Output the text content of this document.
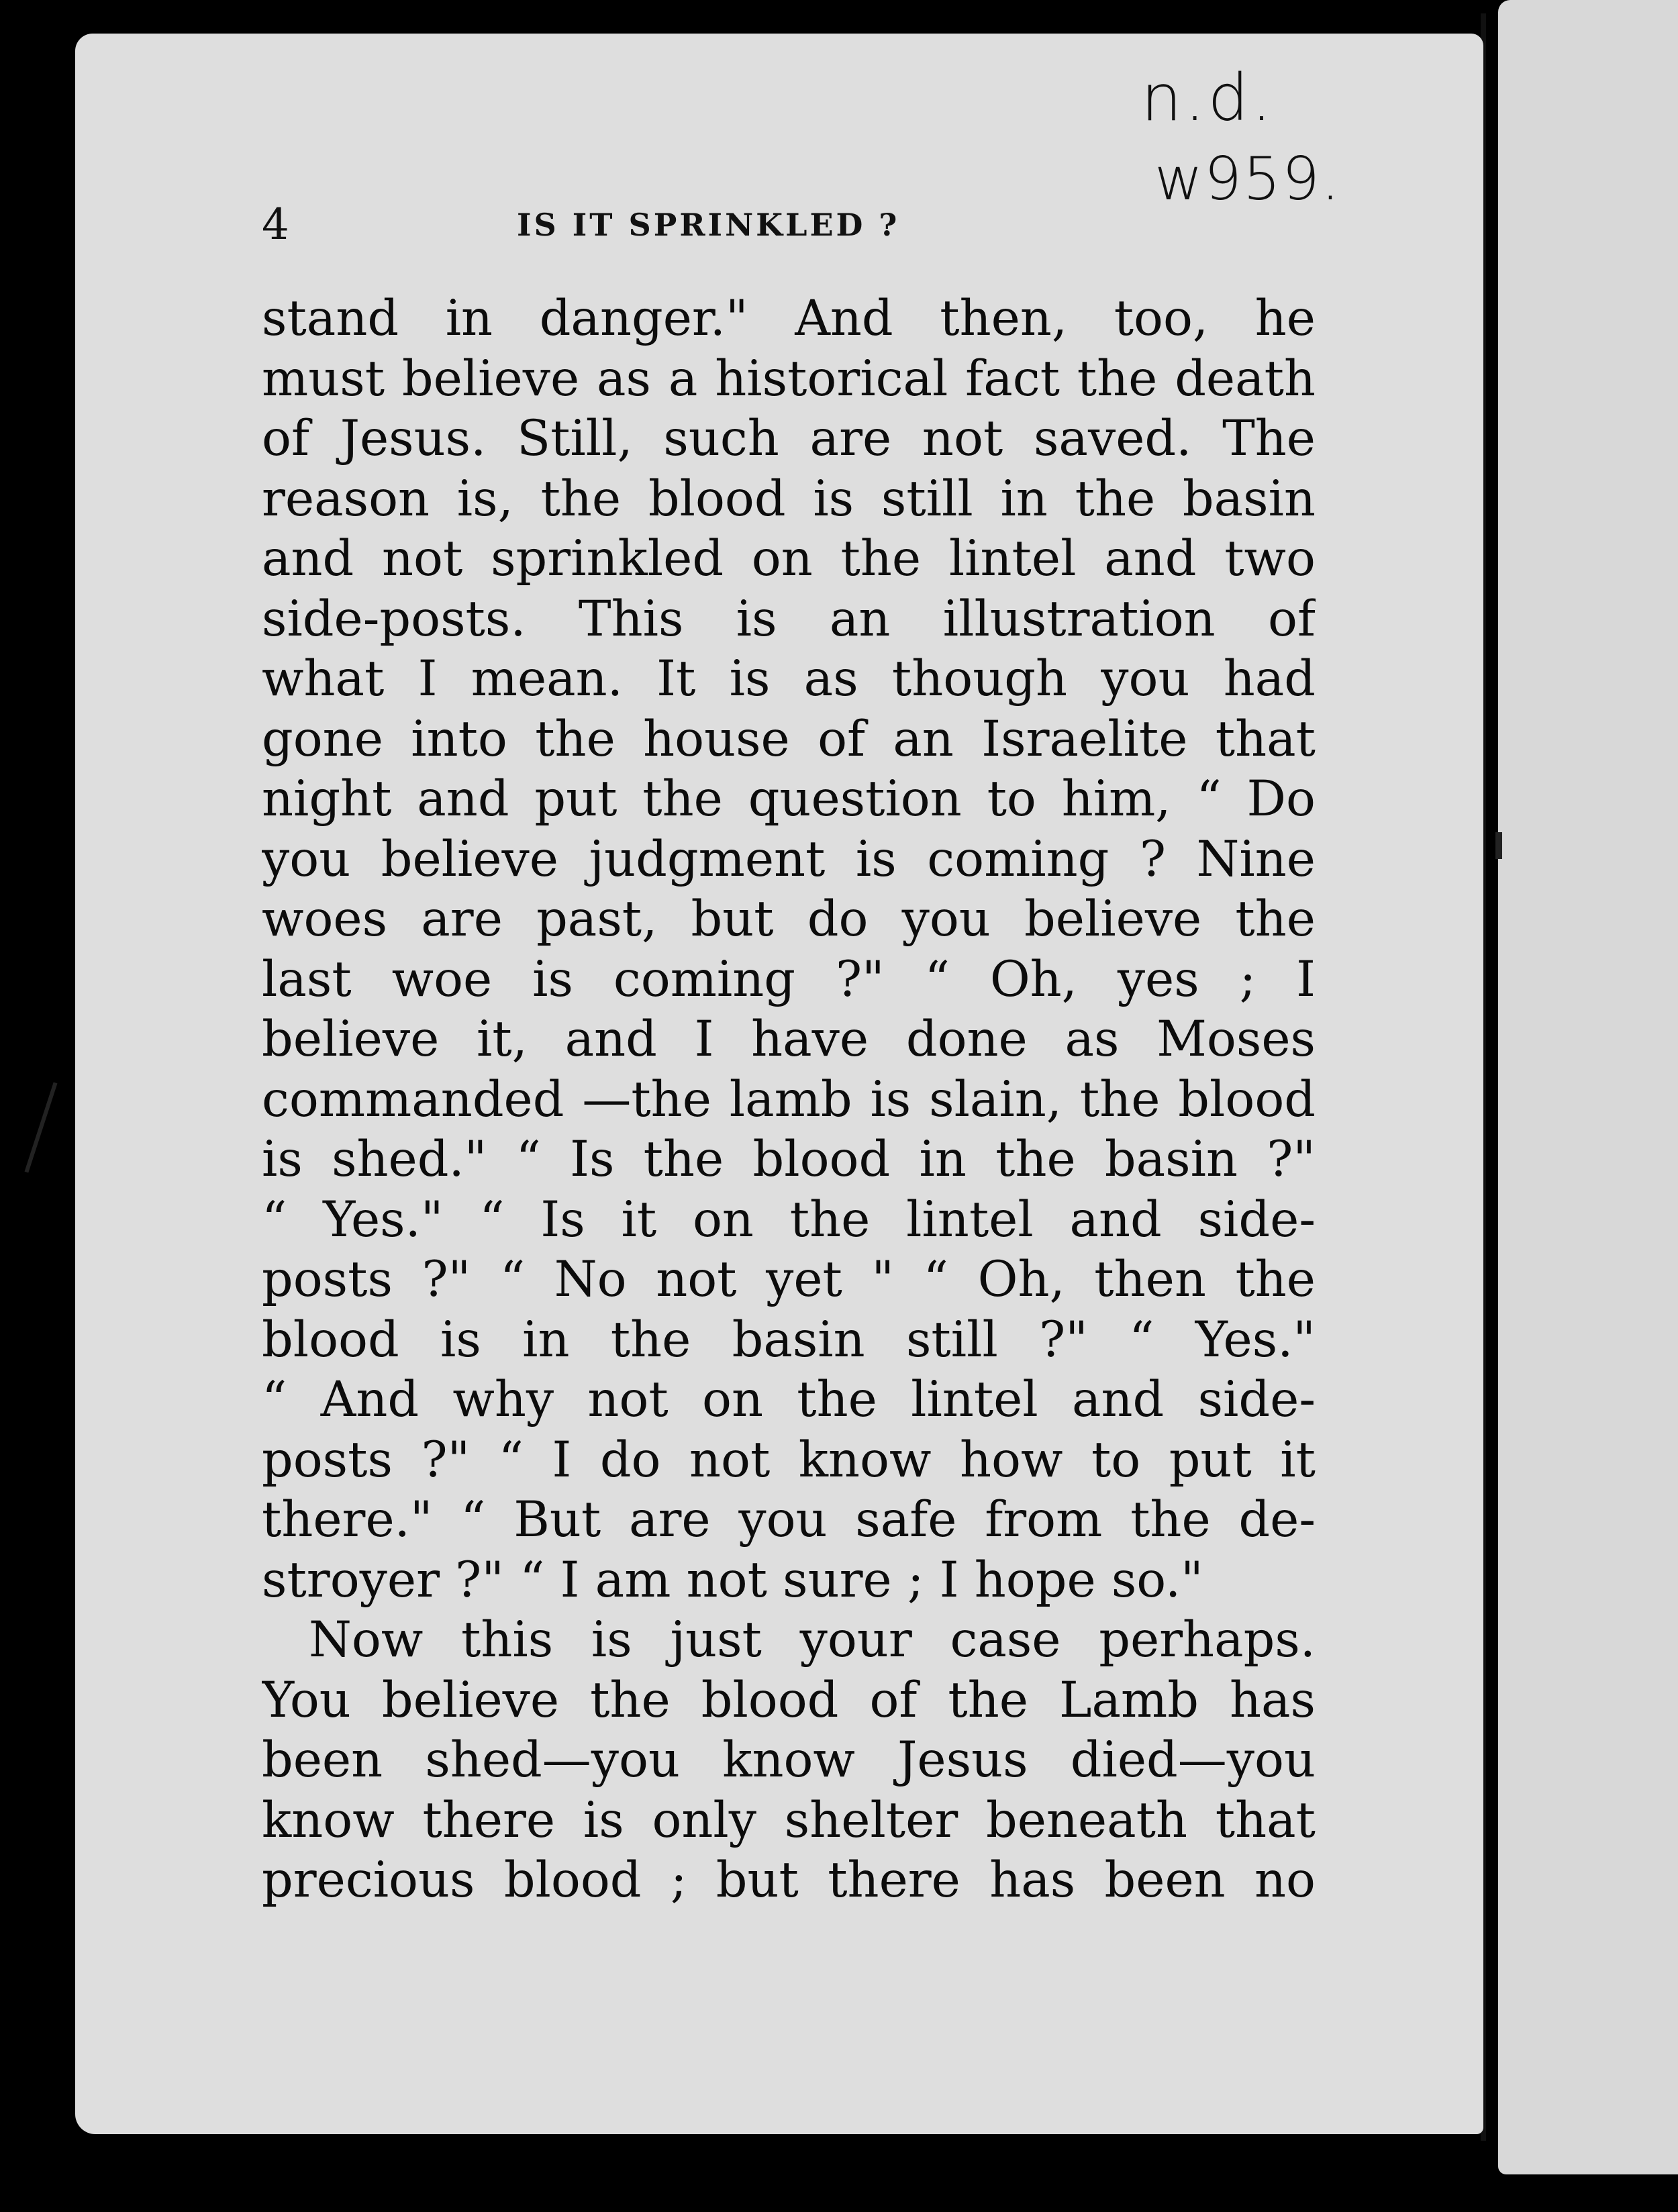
n.d.
w959.
4	IS IT SPRINKLED ?
stand in danger." And then, too, he
must believe as a historical fact the death
of Jesus. Still, such are not saved. The
reason is, the blood is still in the basin
and not sprinkled on the lintel and two
side-posts. This is an illustration of
what I mean. It is as though you had
gone into the house of an Israelite that
night and put the question to him, “ Do
you believe judgment is coming ? Nine
woes are past, but do you believe the
last woe is coming ?" “ Oh, yes ; I
believe it, and I have done as Moses
commanded —the lamb is slain, the blood
is shed." “ Is the blood in the basin ?"
“ Yes." “ Is it on the lintel and side-
posts ?" “ No not yet " “ Oh, then the
blood is in the basin still ?" “ Yes."
“ And why not on the lintel and side-
posts ?" “ I do not know how to put it
there." “ But are you safe from the de-
stroyer ?" “ I am not sure ; I hope so."
Now this is just your case perhaps.
You believe the blood of the Lamb has
been shed—you know Jesus died—you
know there is only shelter beneath that
precious blood ; but there has been no
